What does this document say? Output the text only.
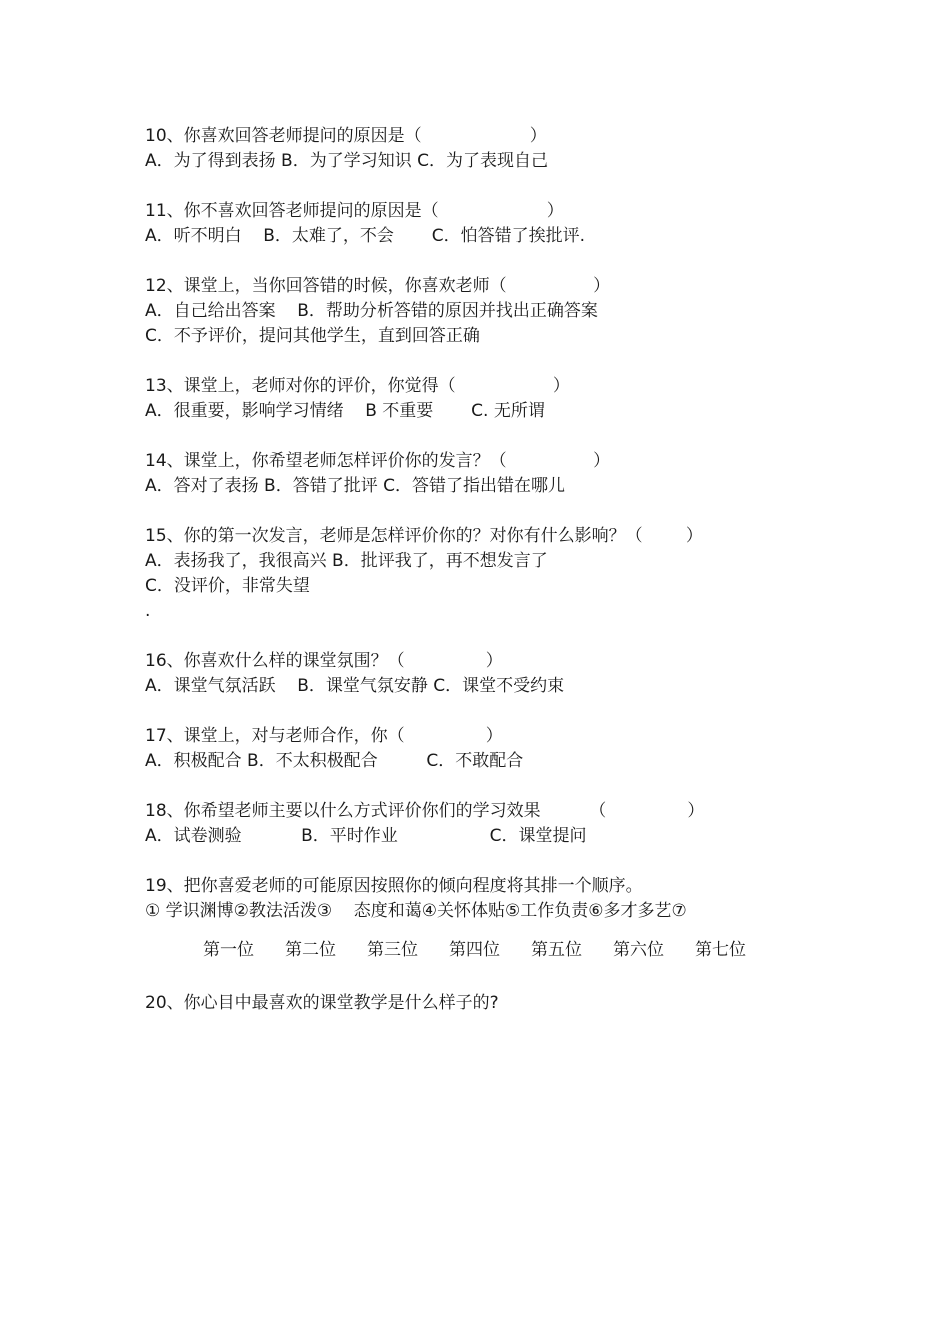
10、你喜欢回答老师提问的原因是（                    ）
A．为了得到表扬 B．为了学习知识 C．为了表现自己
11、你不喜欢回答老师提问的原因是（                    ）
A．听不明白    B．太难了，不会       C．怕答错了挨批评.
12、课堂上，当你回答错的时候，你喜欢老师（                ）
A．自己给出答案    B．帮助分析答错的原因并找出正确答案
C．不予评价，提问其他学生，直到回答正确
13、课堂上，老师对你的评价，你觉得（                  ）
A．很重要，影响学习情绪    B 不重要       C. 无所谓
14、课堂上，你希望老师怎样评价你的发言？（                ）
A．答对了表扬 B．答错了批评 C．答错了指出错在哪儿
15、你的第一次发言，老师是怎样评价你的？对你有什么影响？（        ）
A．表扬我了，我很高兴 B．批评我了，再不想发言了
C．没评价，非常失望
.
16、你喜欢什么样的课堂氛围？（               ）
A．课堂气氛活跃    B．课堂气氛安静 C．课堂不受约束
17、课堂上，对与老师合作，你（               ）
A．积极配合 B．不太积极配合         C．不敢配合
18、你希望老师主要以什么方式评价你们的学习效果         （               ）
A．试卷测验           B．平时作业                 C．课堂提问
19、把你喜爱老师的可能原因按照你的倾向程度将其排一个顺序。
① 学识渊博②教法活泼③    态度和蔼④关怀体贴⑤工作负责⑥多才多艺⑦
第一位	第二位	第三位	第四位	第五位	第六位	第七位
20、你心目中最喜欢的课堂教学是什么样子的?
